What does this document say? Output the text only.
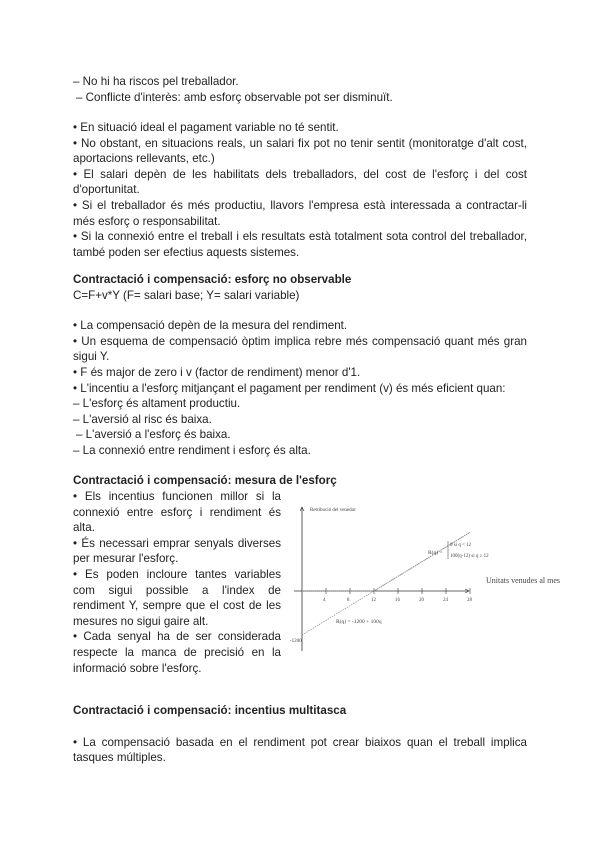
– No hi ha riscos pel treballador.

– Conflicte d'interès: amb esforç observable pot ser disminuït.

• En situació ideal el pagament variable no té sentit.

• No obstant, en situacions reals, un salari fix pot no tenir sentit (monitoratge d'alt cost, aportacions rellevants, etc.)

• El salari depèn de les habilitats dels treballadors, del cost de l'esforç i del cost d'oportunitat.

• Si el treballador és més productiu, llavors l'empresa està interessada a contractar-li més esforç o responsabilitat.

• Si la connexió entre el treball i els resultats està totalment sota control del treballador, també poden ser efectius aquests sistemes.

Contractació i compensació: esforç no observable

C=F+v*Y (F= salari base; Y= salari variable)

• La compensació depèn de la mesura del rendiment.

• Un esquema de compensació òptim implica rebre més compensació quant més gran sigui Y.

• F és major de zero i v (factor de rendiment) menor d'1.

• L'incentiu a l'esforç mitjançant el pagament per rendiment (v) és més eficient quan:

– L'esforç és altament productiu.

– L'aversió al risc és baixa.

– L'aversió a l'esforç és baixa.

– La connexió entre rendiment i esforç és alta.

Contractació i compensació: mesura de l'esforç

• Els incentius funcionen millor si la connexió entre esforç i rendiment és alta.

• És necessari emprar senyals diverses per mesurar l'esforç.

• Es poden incloure tantes variables com sigui possible a l'index de rendiment Y, sempre que el cost de les mesures no sigui gaire alt.

• Cada senyal ha de ser considerada respecte la manca de precisió en la informació sobre l'esforç.

4	8	12	16	20	24	28
Retribució del venedor
-1200
R(q) =
0 si q < 12
100(q-12) si q ≥ 12
R(q) = -1200 + 100q
Unitats venudes al mes

Contractació i compensació: incentius multitasca

• La compensació basada en el rendiment pot crear biaixos quan el treball implica tasques múltiples.
